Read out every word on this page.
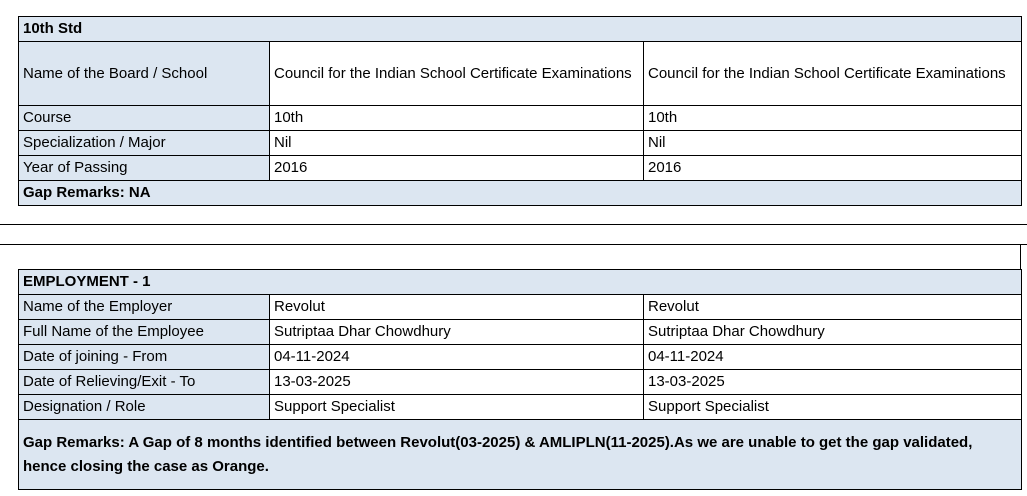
10th Std		
Name of the Board / School	Council for the Indian School Certificate Examinations	Council for the Indian School Certificate Examinations
Course	10th	10th
Specialization / Major	Nil	Nil
Year of Passing	2016	2016
Gap Remarks: NA		
EMPLOYMENT - 1		
Name of the Employer	Revolut	Revolut
Full Name of the Employee	Sutriptaa Dhar Chowdhury	Sutriptaa Dhar Chowdhury
Date of joining - From	04-11-2024	04-11-2024
Date of Relieving/Exit - To	13-03-2025	13-03-2025
Designation / Role	Support Specialist	Support Specialist
Gap Remarks: A Gap of 8 months identified between Revolut(03-2025) & AMLIPLN(11-2025).As we are unable to get the gap validated, hence closing the case as Orange.		
